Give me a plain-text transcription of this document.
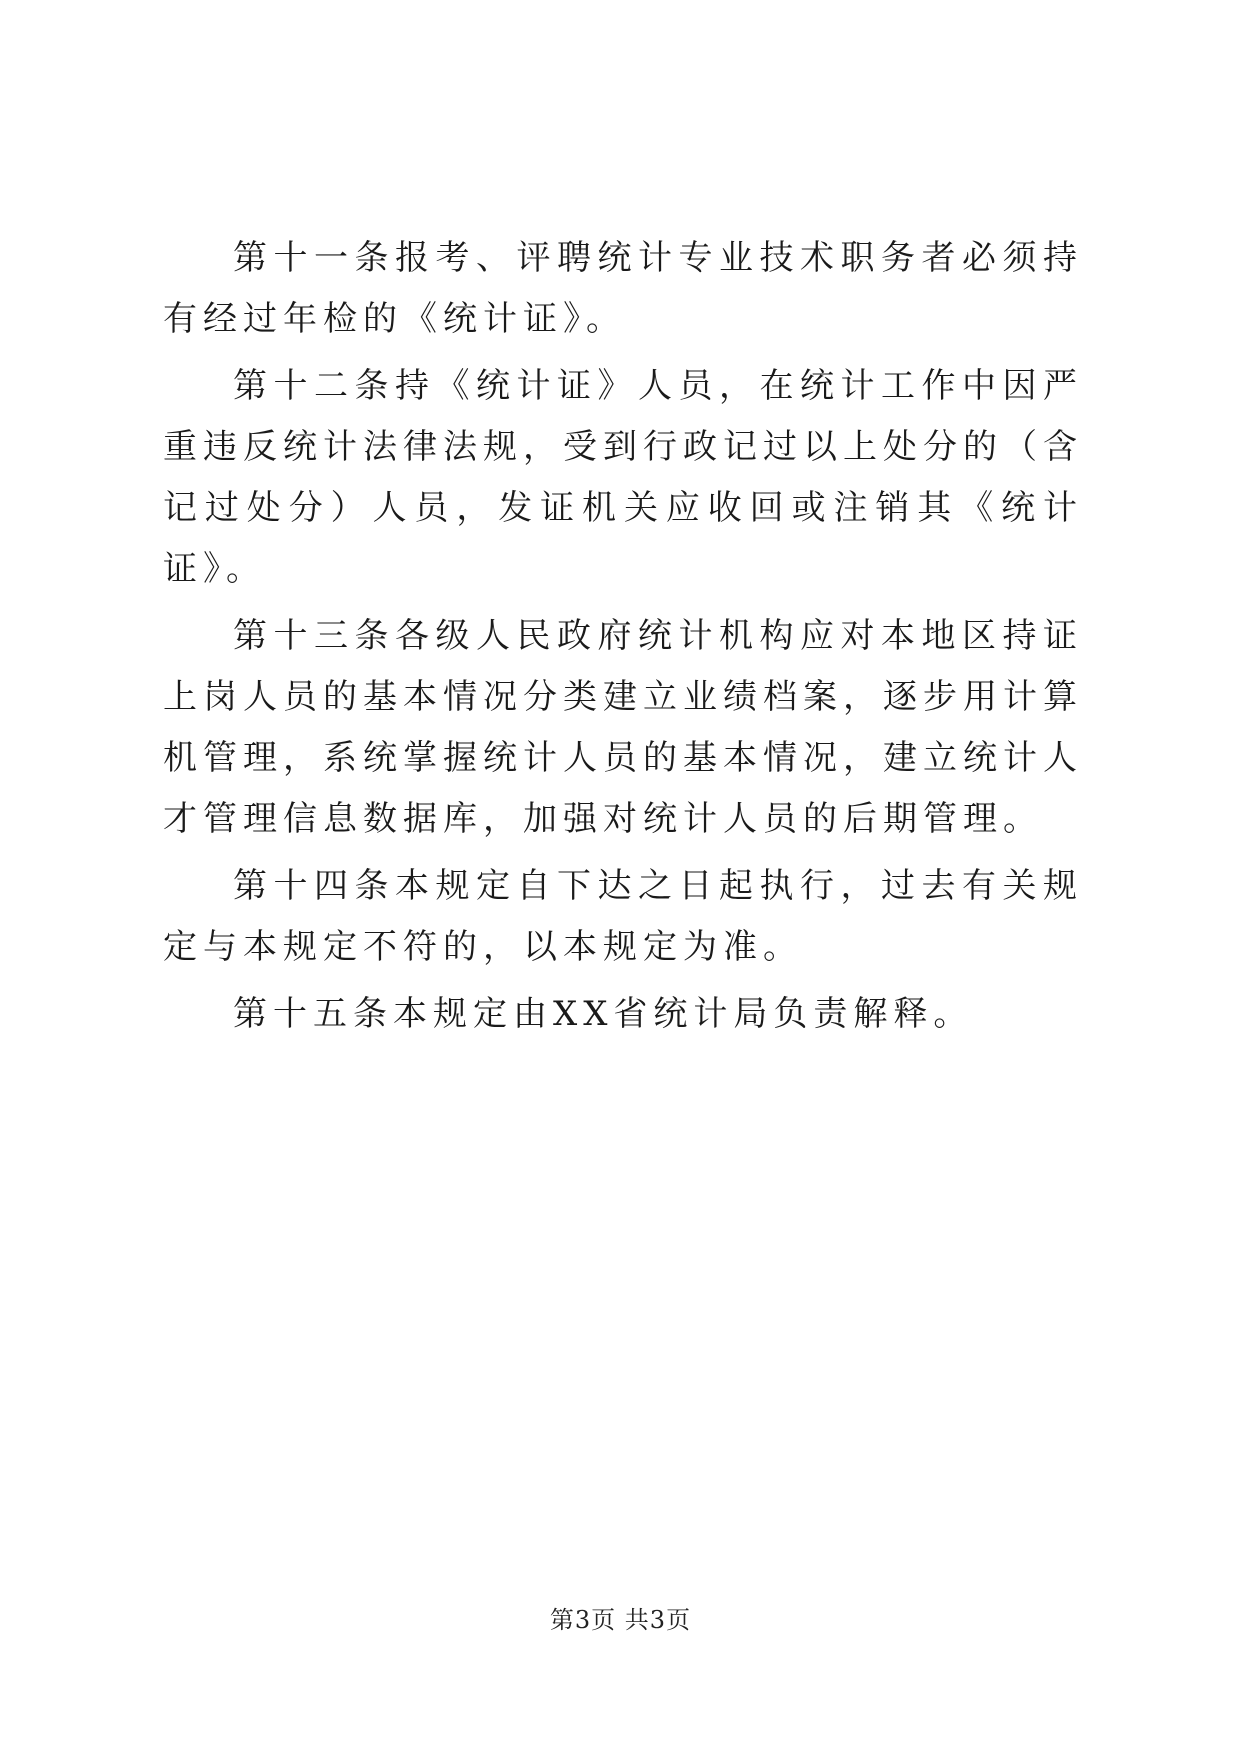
第十一条报考、评聘统计专业技术职务者必须持有经过年检的《统计证》。

第十二条持《统计证》人员，在统计工作中因严重违反统计法律法规，受到行政记过以上处分的（含记过处分）人员，发证机关应收回或注销其《统计证》。

第十三条各级人民政府统计机构应对本地区持证上岗人员的基本情况分类建立业绩档案，逐步用计算机管理，系统掌握统计人员的基本情况，建立统计人才管理信息数据库，加强对统计人员的后期管理。

第十四条本规定自下达之日起执行，过去有关规定与本规定不符的，以本规定为准。

第十五条本规定由XX省统计局负责解释。

第3页 共3页
